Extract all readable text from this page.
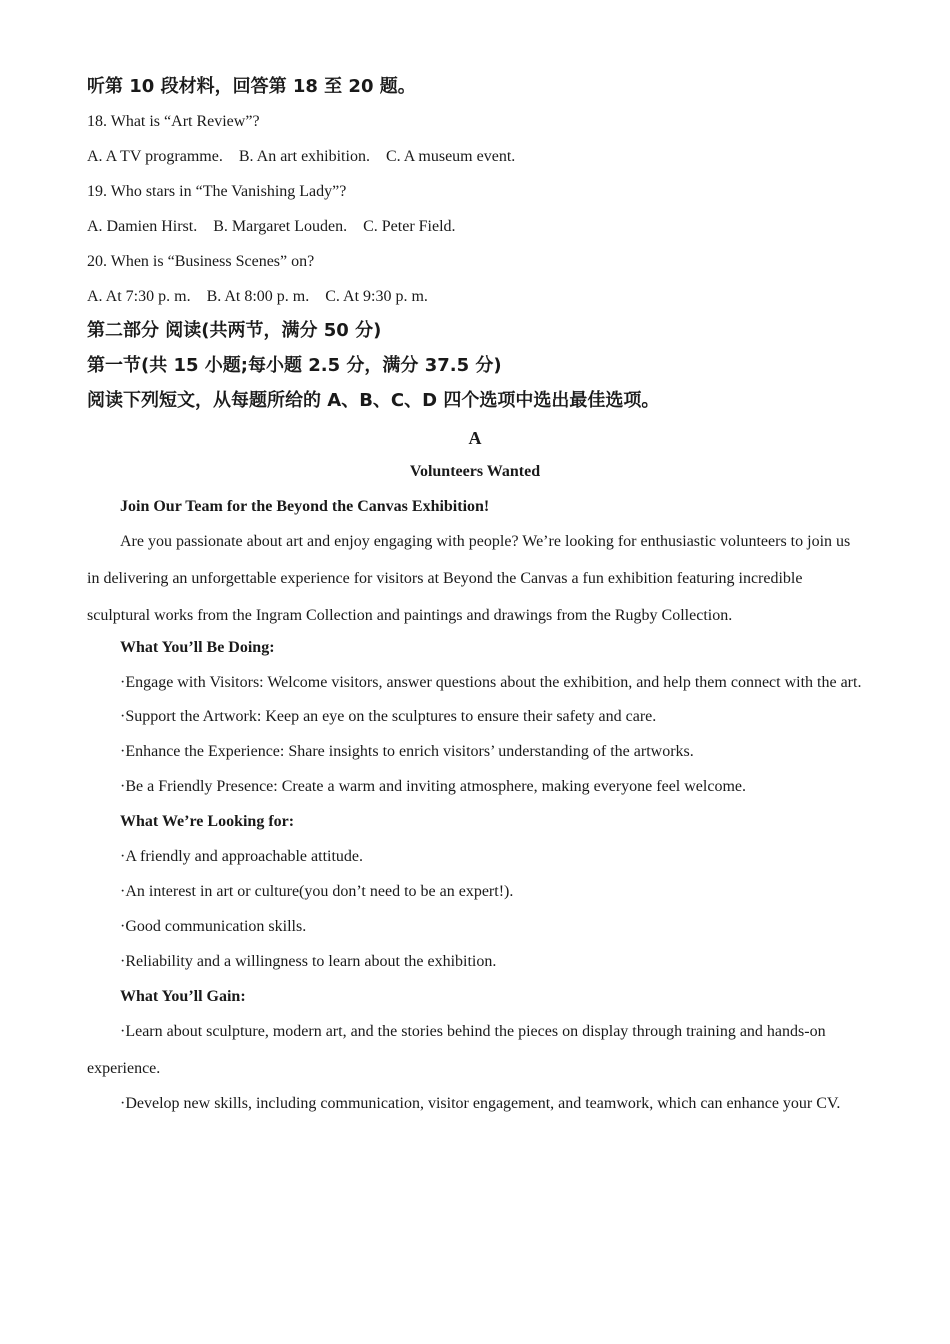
听第 10 段材料，回答第 18 至 20 题。
18. What is “Art Review”?
A. A TV programme.    B. An art exhibition.    C. A museum event.
19. Who stars in “The Vanishing Lady”?
A. Damien Hirst.    B. Margaret Louden.    C. Peter Field.
20. When is “Business Scenes” on?
A. At 7:30 p. m.    B. At 8:00 p. m.    C. At 9:30 p. m.
第二部分 阅读(共两节，满分 50 分)
第一节(共 15 小题;每小题 2.5 分，满分 37.5 分)
阅读下列短文，从每题所给的 A、B、C、D 四个选项中选出最佳选项。
A
Volunteers Wanted
Join Our Team for the Beyond the Canvas Exhibition!
Are you passionate about art and enjoy engaging with people? We’re looking for enthusiastic volunteers to join us in delivering an unforgettable experience for visitors at Beyond the Canvas a fun exhibition featuring incredible sculptural works from the Ingram Collection and paintings and drawings from the Rugby Collection.
What You’ll Be Doing:
·Engage with Visitors: Welcome visitors, answer questions about the exhibition, and help them connect with the art.
·Support the Artwork: Keep an eye on the sculptures to ensure their safety and care.
·Enhance the Experience: Share insights to enrich visitors’ understanding of the artworks.
·Be a Friendly Presence: Create a warm and inviting atmosphere, making everyone feel welcome.
What We’re Looking for:
·A friendly and approachable attitude.
·An interest in art or culture(you don’t need to be an expert!).
·Good communication skills.
·Reliability and a willingness to learn about the exhibition.
What You’ll Gain:
·Learn about sculpture, modern art, and the stories behind the pieces on display through training and hands-on experience.
·Develop new skills, including communication, visitor engagement, and teamwork, which can enhance your CV.
